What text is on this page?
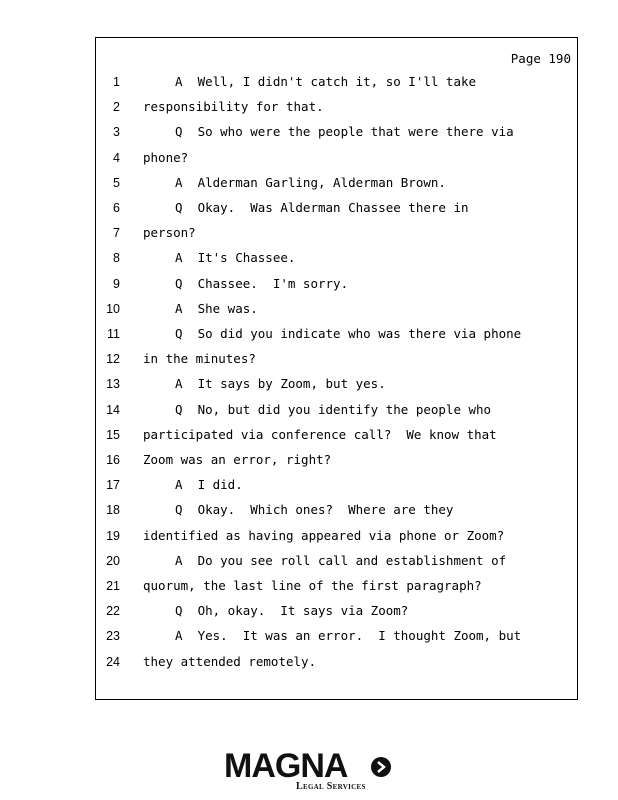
Page 190
1	A  Well, I didn't catch it, so I'll take
2 responsibility for that.
3	Q  So who were the people that were there via
4 phone?
5	A  Alderman Garling, Alderman Brown.
6	Q  Okay.  Was Alderman Chassee there in
7 person?
8	A  It's Chassee.
9	Q  Chassee.  I'm sorry.
10	A  She was.
11	Q  So did you indicate who was there via phone
12 in the minutes?
13	A  It says by Zoom, but yes.
14	Q  No, but did you identify the people who
15 participated via conference call?  We know that
16 Zoom was an error, right?
17	A  I did.
18	Q  Okay.  Which ones?  Where are they
19 identified as having appeared via phone or Zoom?
20	A  Do you see roll call and establishment of
21 quorum, the last line of the first paragraph?
22	Q  Oh, okay.  It says via Zoom?
23	A  Yes.  It was an error.  I thought Zoom, but
24 they attended remotely.
MAGNA
Legal Services
